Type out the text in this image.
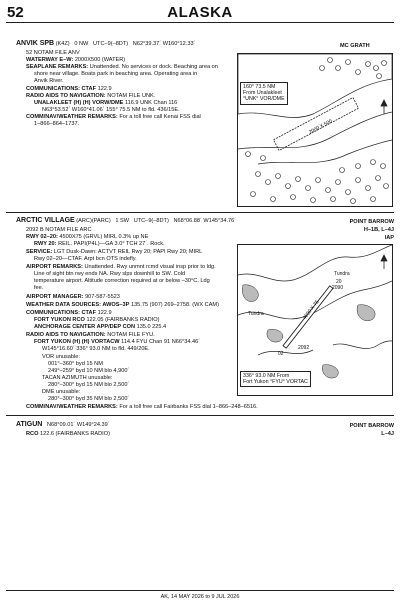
52	ALASKA
ANVIK SPB (K4Z) 0 NW UTC–9(–8DT) N62°39.37´ W160°12.33´	MC GRATH
52 NOTAM FILE ANV
WATERWAY E–W: 2000X500 (WATER)
SEAPLANE REMARKS: Unattended. No services or dock. Beaching area on
shore near village. Boats park in beaching area. Operating area in
Anvik River.
COMMUNICATIONS: CTAF 122.9
RADIO AIDS TO NAVIGATION: NOTAM FILE UNK.
UNALAKLEET (H) (H) VORW/DME 116.9 UNK Chan 116
N63°53.52´ W160°41.06´ 155° 75.5 NM to fld. 436/15E.
COMM/NAV/WEATHER REMARKS: For a toll free call Kenai FSS dial
1–866–864–1737.
160° 73.5 NM
From Unalakleet
°UNK° VOR/DME
2000 X 500
ARCTIC VILLAGE (ARC)(PARC) 1 SW UTC–9(–8DT) N68°06.88´ W145°34.76´	POINT BARROW
H–1B, L–4J
IAP
2092 B NOTAM FILE ARC
RWY 02–20: 4500X75 (GRVL) MIRL 0.3% up NE
RWY 20: REIL. PAPI(P4L)—GA 3.0° TCH 27´. Rock.
SERVICE: LGT Dusk-Dawn: ACTVT REIL Rwy 20; PAPI Rwy 20; MIRL
Rwy 02–20—CTAF. Arpt bcn OTS indefly.
AIRPORT REMARKS: Unattended. Rwy unmnt rcmd visual insp prior to ldg.
Line of sight btn rwy ends NA. Rwy slps downhill to SW. Cold
temperature airport. Altitude correction required at or below –30°C. Ldg
fee.
AIRPORT MANAGER: 907-587-5523
WEATHER DATA SOURCES: AWOS–3P 135.75 (907) 269–2758. (WX CAM)
COMMUNICATIONS: CTAF 122.9
FORT YUKON RCO 122.05 (FAIRBANKS RADIO)
ANCHORAGE CENTER APP/DEP CON 135.0 225.4
RADIO AIDS TO NAVIGATION: NOTAM FILE FYU.
FORT YUKON (H) (H) VORTACW 114.4 FYU Chan 91 N66°34.46´
W145°16.60´ 336° 93.0 NM to fld. 449/20E.
VOR unusable:
001°–360° byd 15 NM
249°–259° byd 10 NM blo 4,900´
TACAN AZIMUTH unusable:
280°–300° byd 15 NM blo 2,500´
DME unusable:
280°–300° byd 35 NM blo 2,500´
COMM/NAV/WEATHER REMARKS: For a toll free call Fairbanks FSS dial 1–866–248–6516.
Tundra
Tundra	4500 X 75
2090
2092
20
02
336° 93.0 NM From
Fort Yukon °FYU° VORTAC
ATIGUN N68°09.01´ W149°24.39´	POINT BARROW
L–4J
RCO 122.6 (FAIRBANKS RADIO)
AK, 14 MAY 2026 to 9 JUL 2026
